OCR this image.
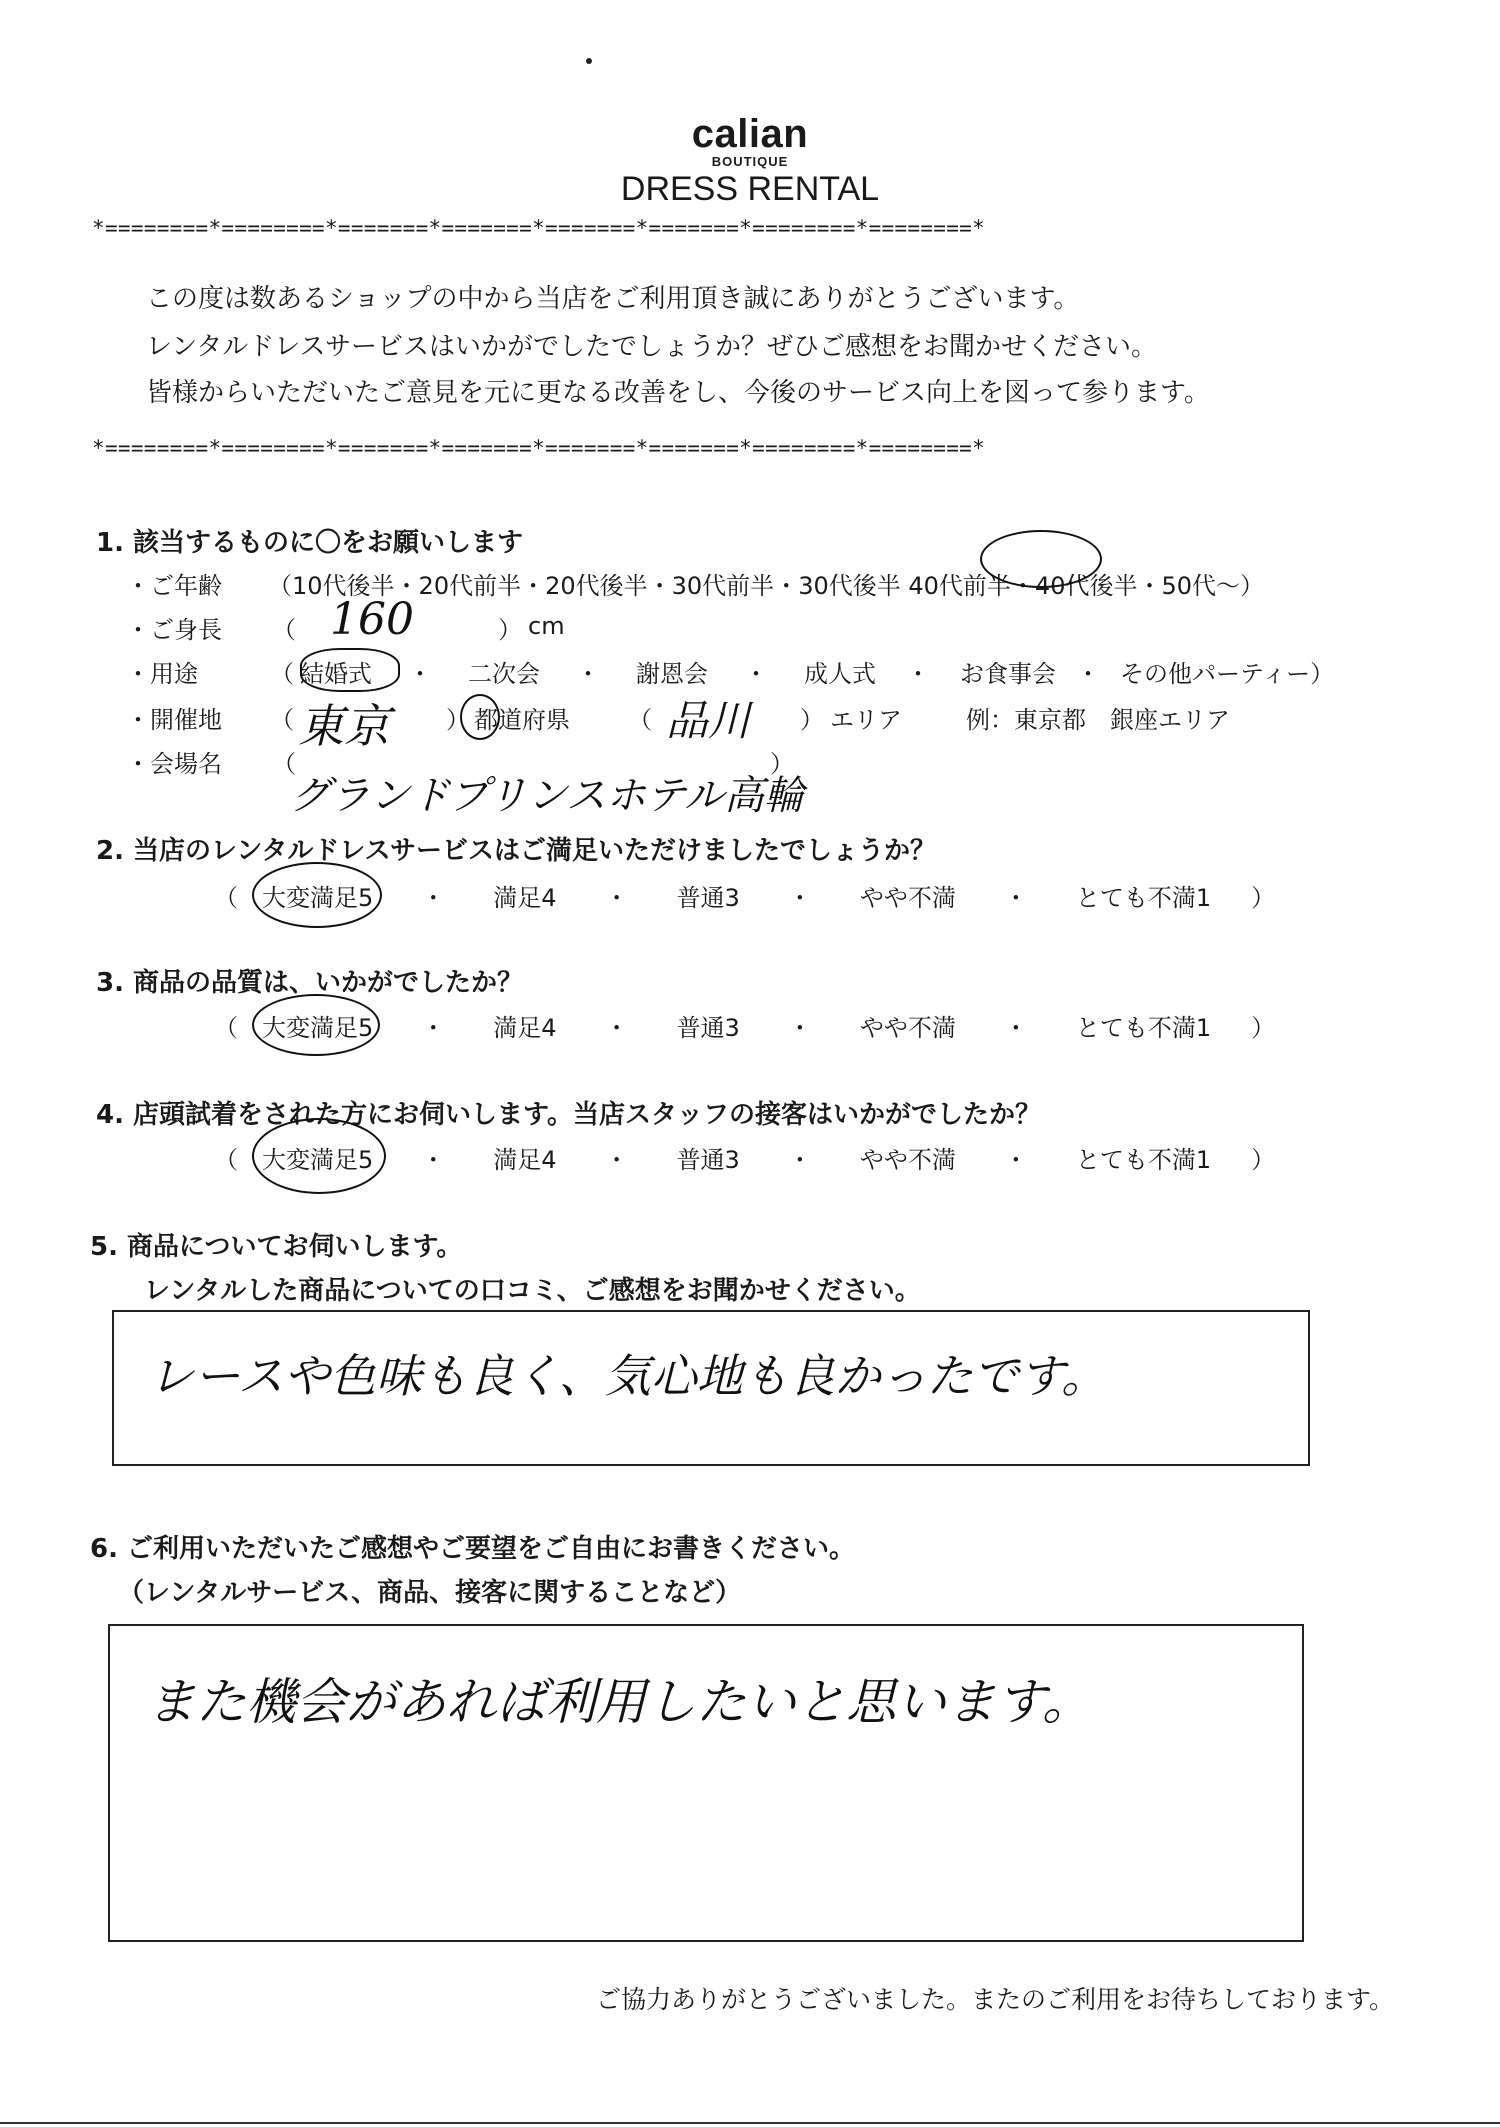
calian
BOUTIQUE
DRESS RENTAL
*========*========*=======*=======*=======*=======*========*========*
この度は数あるショップの中から当店をご利用頂き誠にありがとうございます。
レンタルドレスサービスはいかがでしたでしょうか？ぜひご感想をお聞かせください。
皆様からいただいたご意見を元に更なる改善をし、今後のサービス向上を図って参ります。
*========*========*=======*=======*=======*=======*========*========*
1. 該当するものに〇をお願いします
・ご年齢 （ 10代後半 ・ 20代前半 ・ 20代後半 ・ 30代前半 ・ 30代後半
40代前半 ・ 40代後半 ・ 50代〜 ）
・ご身長 （ 160	） cm
・用途	（ 結婚式 ・ 二次会 ・ 謝恩会 ・ 成人式 ・ お食事会 ・ その他パーティー ）
・開催地 （ 東京 ） 都 道 府 県 （ 品川 ） エリア	例：東京都　銀座エリア
・会場名 （
グランドプリンスホテル高輪
）
2. 当店のレンタルドレスサービスはご満足いただけましたでしょうか？
（ 大変満足5 ・ 満足4 ・ 普通3 ・ やや不満 ・ とても不満1 ）
3. 商品の品質は、いかがでしたか？
（ 大変満足5 ・ 満足4 ・ 普通3 ・ やや不満 ・ とても不満1 ）
4. 店頭試着をされた方にお伺いします。当店スタッフの接客はいかがでしたか？
（ 大変満足5 ・ 満足4 ・ 普通3 ・ やや不満 ・ とても不満1 ）
5. 商品についてお伺いします。
レンタルした商品についての口コミ、ご感想をお聞かせください。
レースや色味も良く、気心地も良かったです。
6. ご利用いただいたご感想やご要望をご自由にお書きください。
（レンタルサービス、商品、接客に関することなど）
また機会があれば利用したいと思います。
ご協力ありがとうございました。またのご利用をお待ちしております。
